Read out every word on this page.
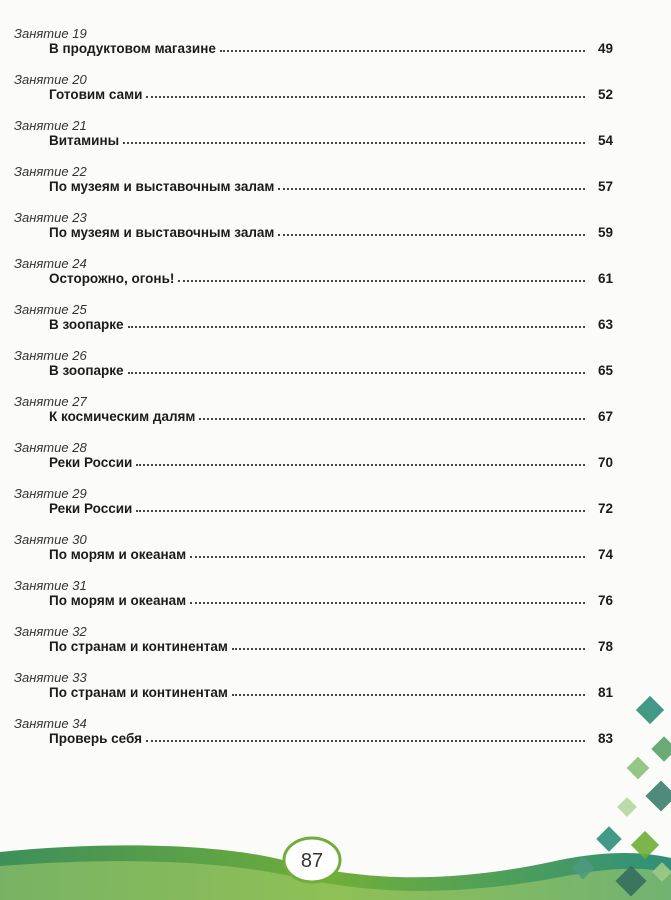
Занятие 19
В продуктовом магазине	49
Занятие 20
Готовим сами	52
Занятие 21
Витамины	54
Занятие 22
По музеям и выставочным залам	57
Занятие 23
По музеям и выставочным залам	59
Занятие 24
Осторожно, огонь!	61
Занятие 25
В зоопарке	63
Занятие 26
В зоопарке	65
Занятие 27
К космическим далям	67
Занятие 28
Реки России	70
Занятие 29
Реки России	72
Занятие 30
По морям и океанам	74
Занятие 31
По морям и океанам	76
Занятие 32
По странам и континентам	78
Занятие 33
По странам и континентам	81
Занятие 34
Проверь себя	83
87
